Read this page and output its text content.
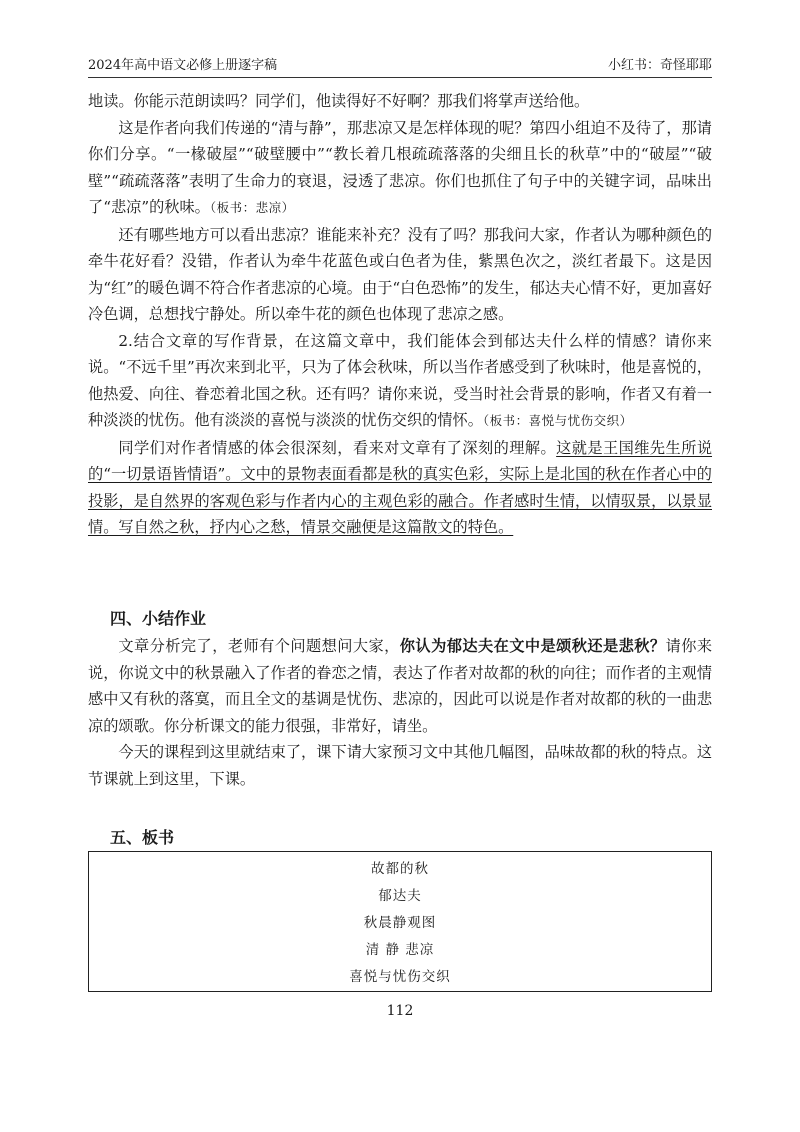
2024年高中语文必修上册逐字稿	小红书：奇怪耶耶

地读。你能示范朗读吗？同学们，他读得好不好啊？那我们将掌声送给他。

这是作者向我们传递的“清与静”，那悲凉又是怎样体现的呢？第四小组迫不及待了，那请你们分享。“一椽破屋”“破壁腰中”“教长着几根疏疏落落的尖细且长的秋草”中的“破屋”“破壁”“疏疏落落”表明了生命力的衰退，浸透了悲凉。你们也抓住了句子中的关键字词，品味出了“悲凉”的秋味。（板书：悲凉）

还有哪些地方可以看出悲凉？谁能来补充？没有了吗？那我问大家，作者认为哪种颜色的牵牛花好看？没错，作者认为牵牛花蓝色或白色者为佳，紫黑色次之，淡红者最下。这是因为“红”的暖色调不符合作者悲凉的心境。由于“白色恐怖”的发生，郁达夫心情不好，更加喜好冷色调，总想找宁静处。所以牵牛花的颜色也体现了悲凉之感。

2.结合文章的写作背景，在这篇文章中，我们能体会到郁达夫什么样的情感？请你来说。“不远千里”再次来到北平，只为了体会秋味，所以当作者感受到了秋味时，他是喜悦的，他热爱、向往、眷恋着北国之秋。还有吗？请你来说，受当时社会背景的影响，作者又有着一种淡淡的忧伤。他有淡淡的喜悦与淡淡的忧伤交织的情怀。（板书：喜悦与忧伤交织）

同学们对作者情感的体会很深刻，看来对文章有了深刻的理解。这就是王国维先生所说的“一切景语皆情语”。文中的景物表面看都是秋的真实色彩，实际上是北国的秋在作者心中的投影，是自然界的客观色彩与作者内心的主观色彩的融合。作者感时生情，以情驭景，以景显情。写自然之秋，抒内心之愁，情景交融便是这篇散文的特色。

四、小结作业

文章分析完了，老师有个问题想问大家，你认为郁达夫在文中是颂秋还是悲秋？请你来说，你说文中的秋景融入了作者的眷恋之情，表达了作者对故都的秋的向往；而作者的主观情感中又有秋的落寞，而且全文的基调是忧伤、悲凉的，因此可以说是作者对故都的秋的一曲悲凉的颂歌。你分析课文的能力很强，非常好，请坐。

今天的课程到这里就结束了，课下请大家预习文中其他几幅图，品味故都的秋的特点。这节课就上到这里，下课。

五、板书
故都的秋
郁达夫
秋晨静观图
清 静 悲凉
喜悦与忧伤交织
112
